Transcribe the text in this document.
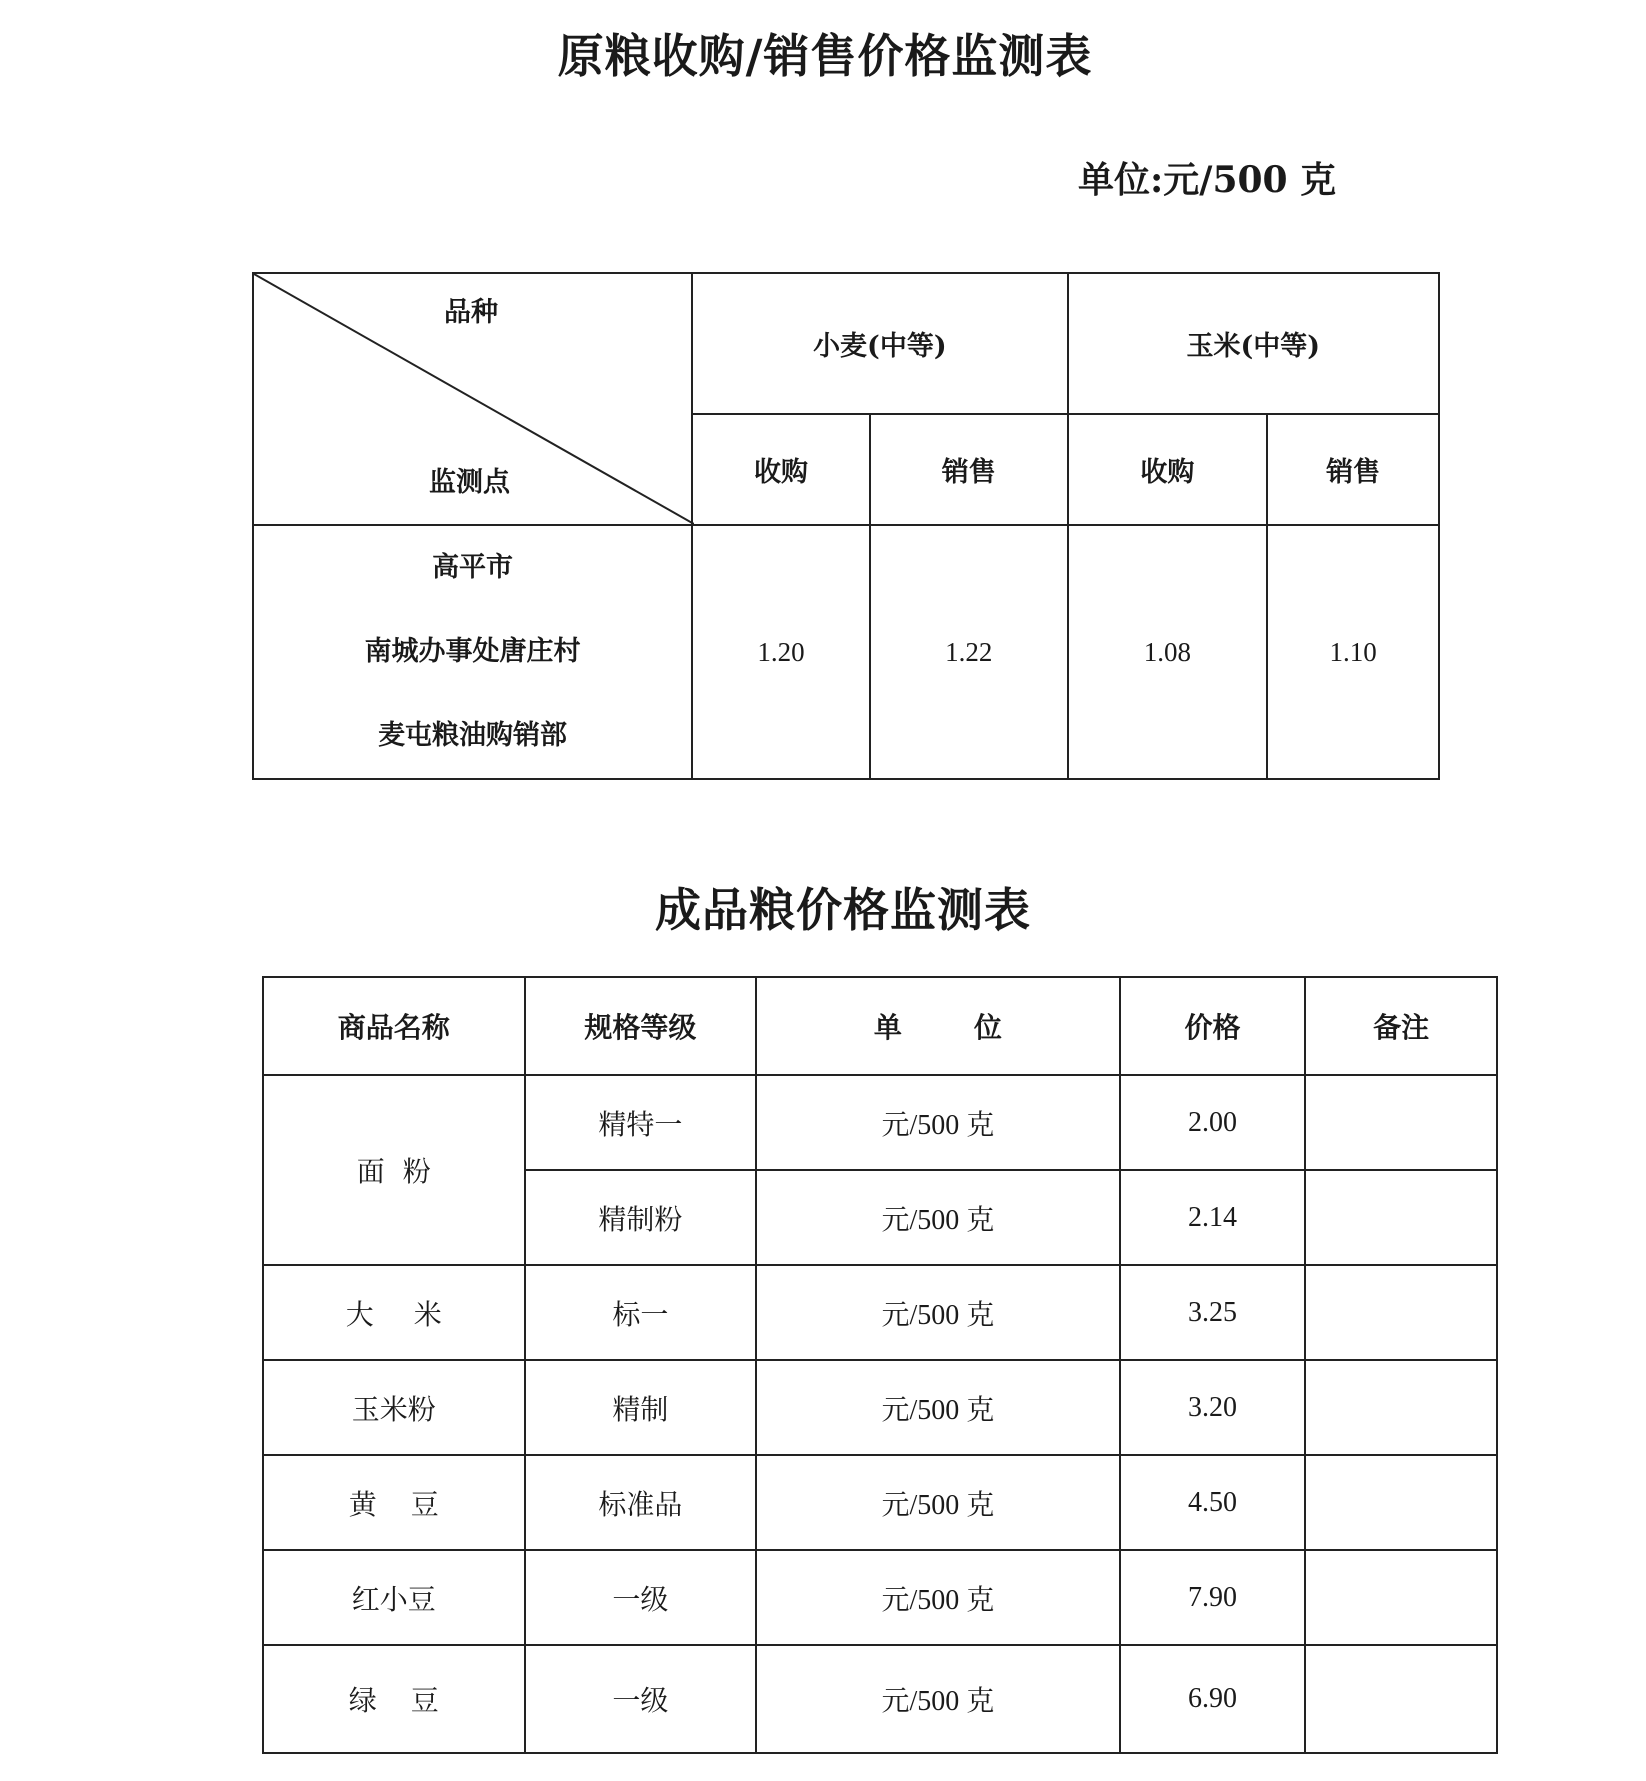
原粮收购/销售价格监测表
单位:元/500 克
品种
监测点	小麦(中等)		玉米(中等)	
	收购	销售	收购	销售

高平市
南城办事处唐庄村
麦屯粮油购销部	1.20	1.22	1.08	1.10
成品粮价格监测表
商品名称	规格等级	单位	价格	备注
面粉	精特一	元/500 克	2.00	
	精制粉	元/500 克	2.14	
大米	标一	元/500 克	3.25	
玉米粉	精制	元/500 克	3.20	
黄豆	标准品	元/500 克	4.50	
红小豆	一级	元/500 克	7.90	
绿豆	一级	元/500 克	6.90	
